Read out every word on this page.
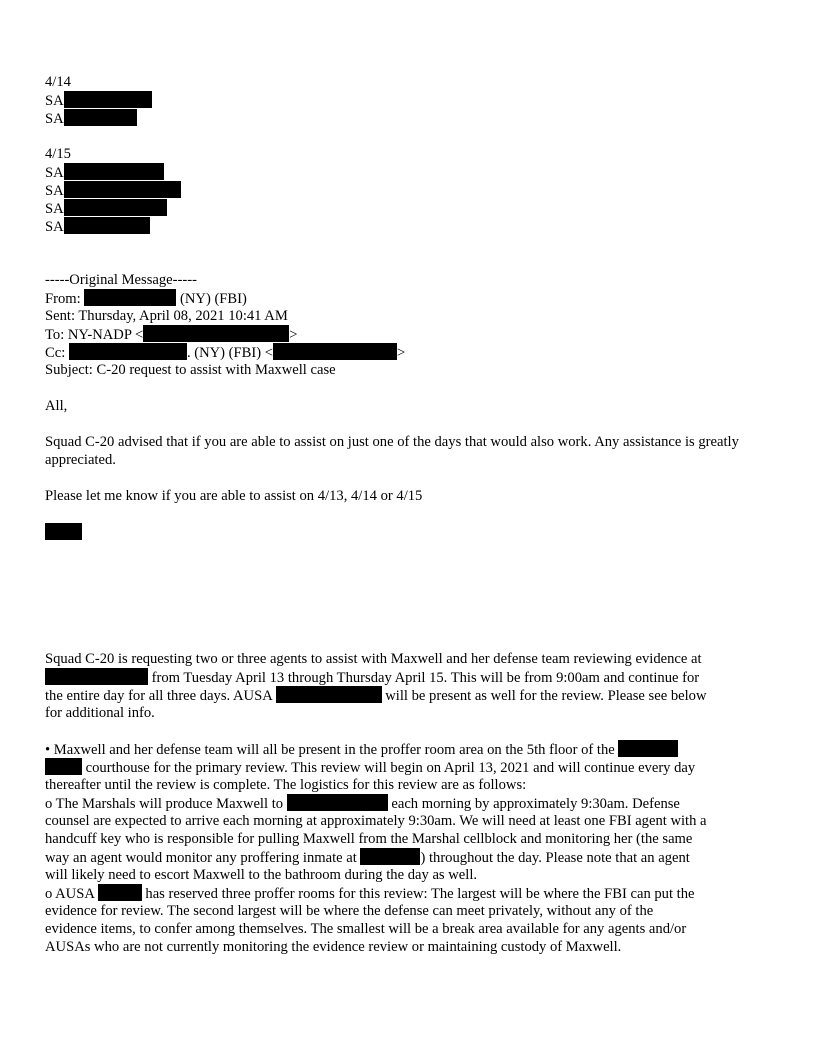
4/14
SA
SA
4/15
SA
SA
SA
SA
-----Original Message-----
From:	(NY) (FBI)
Sent: Thursday, April 08, 2021 10:41 AM
To: NY-NADP <	>
Cc:	. (NY) (FBI) <	>
Subject: C-20 request to assist with Maxwell case
All,
Squad C-20 advised that if you are able to assist on just one of the days that would also work. Any assistance is greatly appreciated.
Please let me know if you are able to assist on 4/13, 4/14 or 4/15
Squad C-20 is requesting two or three agents to assist with Maxwell and her defense team reviewing evidence at
from Tuesday April 13 through Thursday April 15. This will be from 9:00am and continue for
the entire day for all three days. AUSA	will be present as well for the review. Please see below
for additional info.
• Maxwell and her defense team will all be present in the proffer room area on the 5th floor of the
courthouse for the primary review. This review will begin on April 13, 2021 and will continue every day
thereafter until the review is complete. The logistics for this review are as follows:
o The Marshals will produce Maxwell to	each morning by approximately 9:30am. Defense
counsel are expected to arrive each morning at approximately 9:30am. We will need at least one FBI agent with a
handcuff key who is responsible for pulling Maxwell from the Marshal cellblock and monitoring her (the same
way an agent would monitor any proffering inmate at	) throughout the day. Please note that an agent
will likely need to escort Maxwell to the bathroom during the day as well.
o AUSA	has reserved three proffer rooms for this review: The largest will be where the FBI can put the
evidence for review. The second largest will be where the defense can meet privately, without any of the
evidence items, to confer among themselves. The smallest will be a break area available for any agents and/or
AUSAs who are not currently monitoring the evidence review or maintaining custody of Maxwell.
